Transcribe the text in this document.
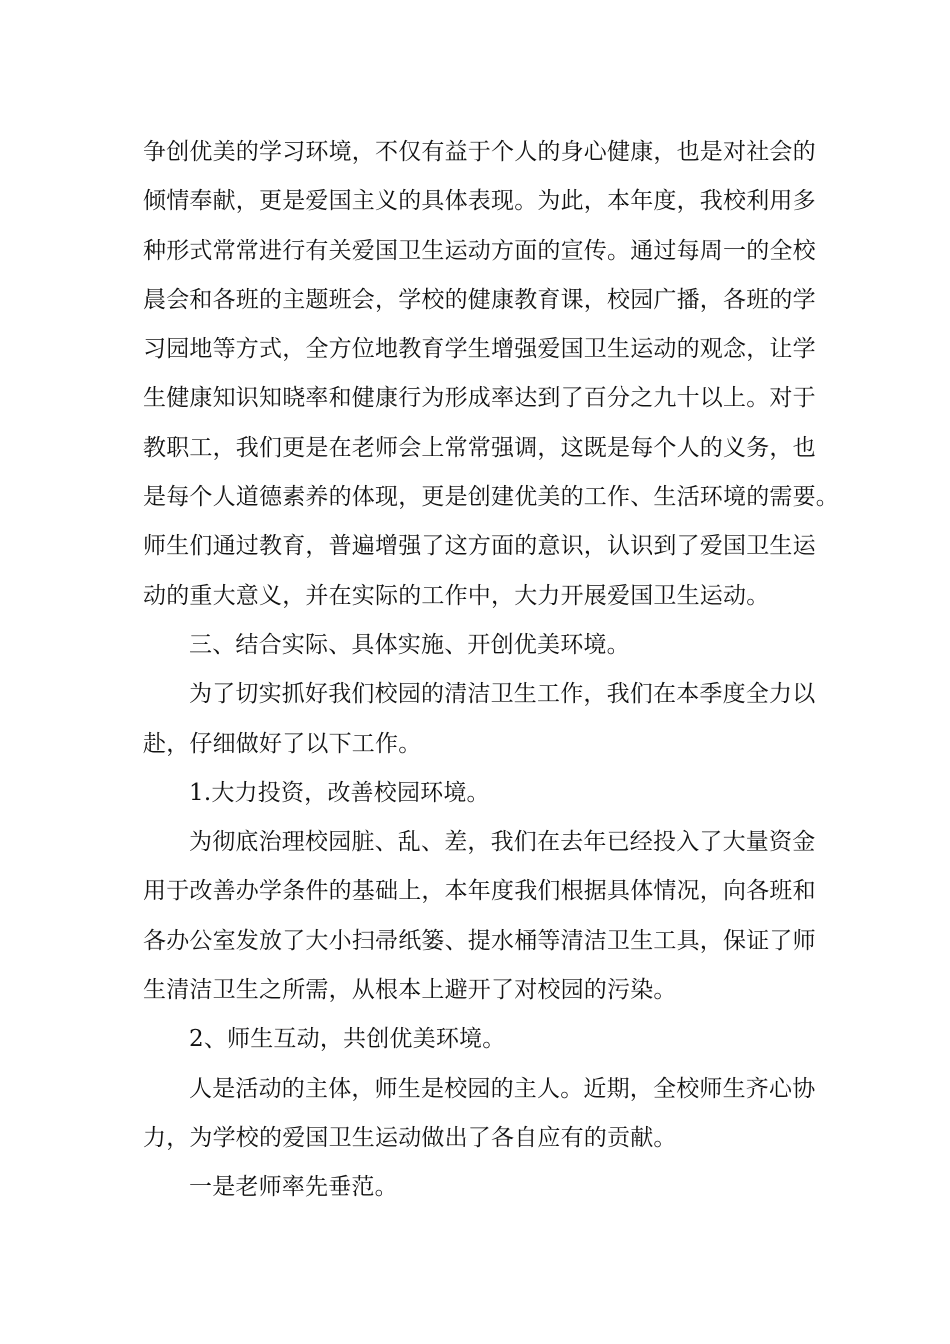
争创优美的学习环境，不仅有益于个人的身心健康，也是对社会的
倾情奉献，更是爱国主义的具体表现。为此，本年度，我校利用多
种形式常常进行有关爱国卫生运动方面的宣传。通过每周一的全校
晨会和各班的主题班会，学校的健康教育课，校园广播，各班的学
习园地等方式，全方位地教育学生增强爱国卫生运动的观念，让学
生健康知识知晓率和健康行为形成率达到了百分之九十以上。对于
教职工，我们更是在老师会上常常强调，这既是每个人的义务，也
是每个人道德素养的体现，更是创建优美的工作、生活环境的需要。
师生们通过教育，普遍增强了这方面的意识，认识到了爱国卫生运
动的重大意义，并在实际的工作中，大力开展爱国卫生运动。
三、结合实际、具体实施、开创优美环境。
为了切实抓好我们校园的清洁卫生工作，我们在本季度全力以
赴，仔细做好了以下工作。
1.大力投资，改善校园环境。
为彻底治理校园脏、乱、差，我们在去年已经投入了大量资金
用于改善办学条件的基础上，本年度我们根据具体情况，向各班和
各办公室发放了大小扫帚纸篓、提水桶等清洁卫生工具，保证了师
生清洁卫生之所需，从根本上避开了对校园的污染。
2、师生互动，共创优美环境。
人是活动的主体，师生是校园的主人。近期，全校师生齐心协
力，为学校的爱国卫生运动做出了各自应有的贡献。
一是老师率先垂范。
